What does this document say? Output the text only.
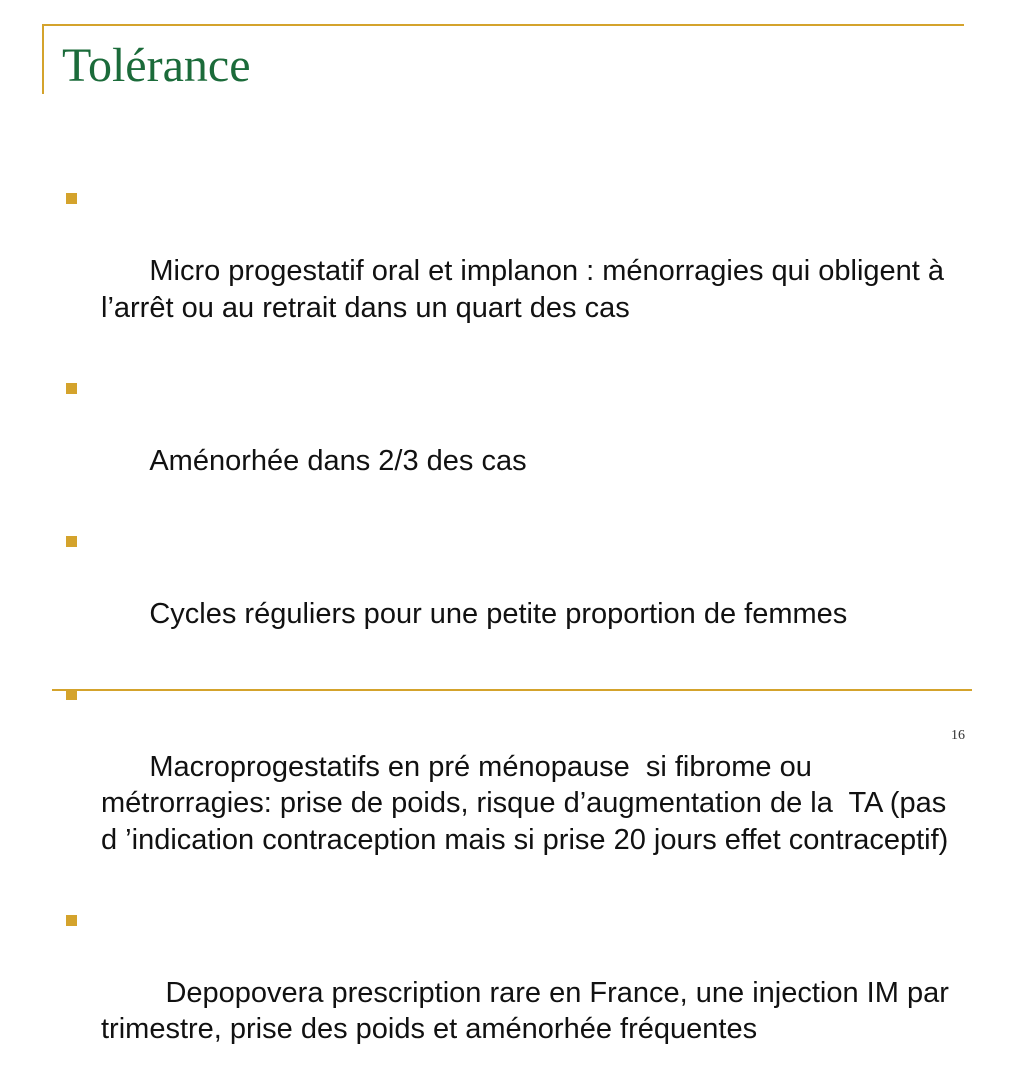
Tolérance

Micro progestatif oral et implanon : ménorragies qui obligent à l’arrêt ou au retrait dans un quart des cas

Aménorhée dans 2/3 des cas

Cycles réguliers pour une petite proportion de femmes

Macroprogestatifs en pré ménopause  si fibrome ou métrorragies: prise de poids, risque d’augmentation de la  TA (pas d ’indication contraception mais si prise 20 jours effet contraceptif)

Depopovera prescription rare en France, une injection IM par trimestre, prise des poids et aménorhée fréquentes

16
